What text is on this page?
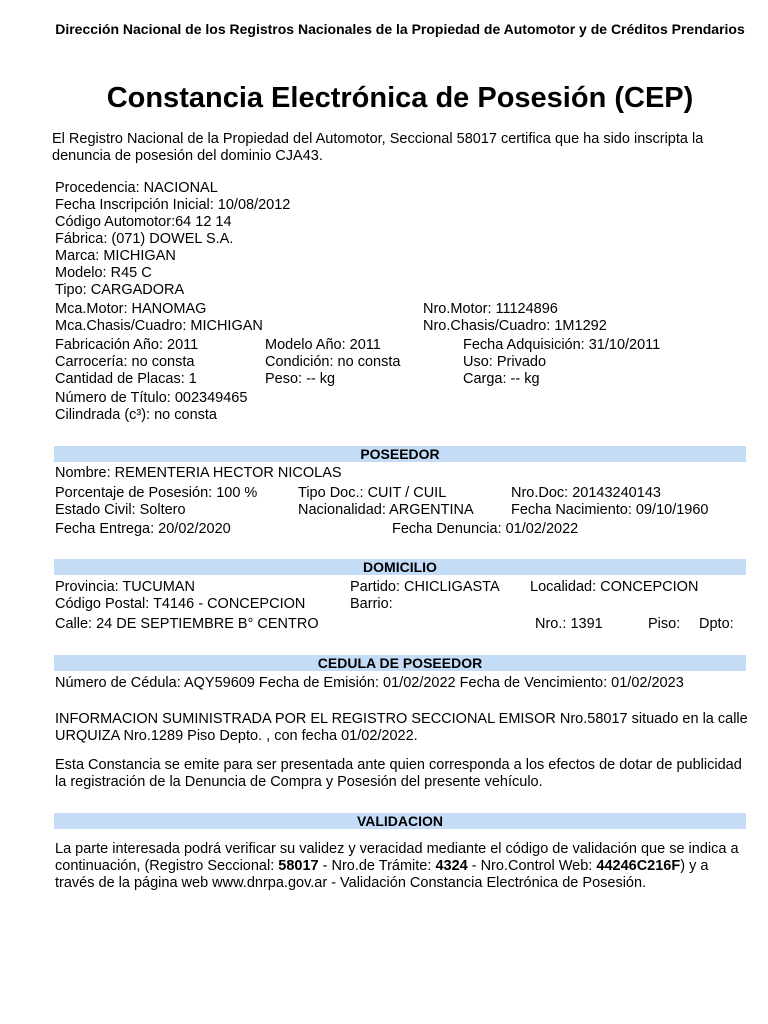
Dirección Nacional de los Registros Nacionales de la Propiedad de Automotor y de Créditos Prendarios
Constancia Electrónica de Posesión (CEP)
El Registro Nacional de la Propiedad del Automotor, Seccional 58017 certifica que ha sido inscripta la denuncia de posesión del dominio CJA43.
Procedencia: NACIONAL
Fecha Inscripción Inicial: 10/08/2012
Código Automotor:64 12 14
Fábrica: (071) DOWEL S.A.
Marca: MICHIGAN
Modelo: R45 C
Tipo: CARGADORA
Mca.Motor: HANOMAG	Nro.Motor: 11124896
Mca.Chasis/Cuadro: MICHIGAN	Nro.Chasis/Cuadro: 1M1292
Fabricación Año: 2011	Modelo Año: 2011	Fecha Adquisición: 31/10/2011
Carrocería: no consta	Condición: no consta	Uso: Privado
Cantidad de Placas: 1	Peso: -- kg	Carga: -- kg
Número de Título: 002349465
Cilindrada (c³): no consta
POSEEDOR
Nombre: REMENTERIA HECTOR NICOLAS
Porcentaje de Posesión: 100 %	Tipo Doc.: CUIT / CUIL	Nro.Doc: 20143240143
Estado Civil: Soltero	Nacionalidad: ARGENTINA	Fecha Nacimiento: 09/10/1960
Fecha Entrega: 20/02/2020	Fecha Denuncia: 01/02/2022
DOMICILIO
Provincia: TUCUMAN	Partido: CHICLIGASTA Localidad: CONCEPCION
Código Postal: T4146 - CONCEPCION	Barrio:
Calle: 24 DE SEPTIEMBRE B° CENTRO	Nro.: 1391	Piso: Dpto:
CEDULA DE POSEEDOR
Número de Cédula: AQY59609 Fecha de Emisión: 01/02/2022 Fecha de Vencimiento: 01/02/2023
INFORMACION SUMINISTRADA POR EL REGISTRO SECCIONAL EMISOR Nro.58017 situado en la calle URQUIZA Nro.1289 Piso Depto. , con fecha 01/02/2022.
Esta Constancia se emite para ser presentada ante quien corresponda a los efectos de dotar de publicidad la registración de la Denuncia de Compra y Posesión del presente vehículo.
VALIDACION
La parte interesada podrá verificar su validez y veracidad mediante el código de validación que se indica a continuación, (Registro Seccional: 58017 - Nro.de Trámite: 4324 - Nro.Control Web: 44246C216F) y a través de la página web www.dnrpa.gov.ar - Validación Constancia Electrónica de Posesión.
